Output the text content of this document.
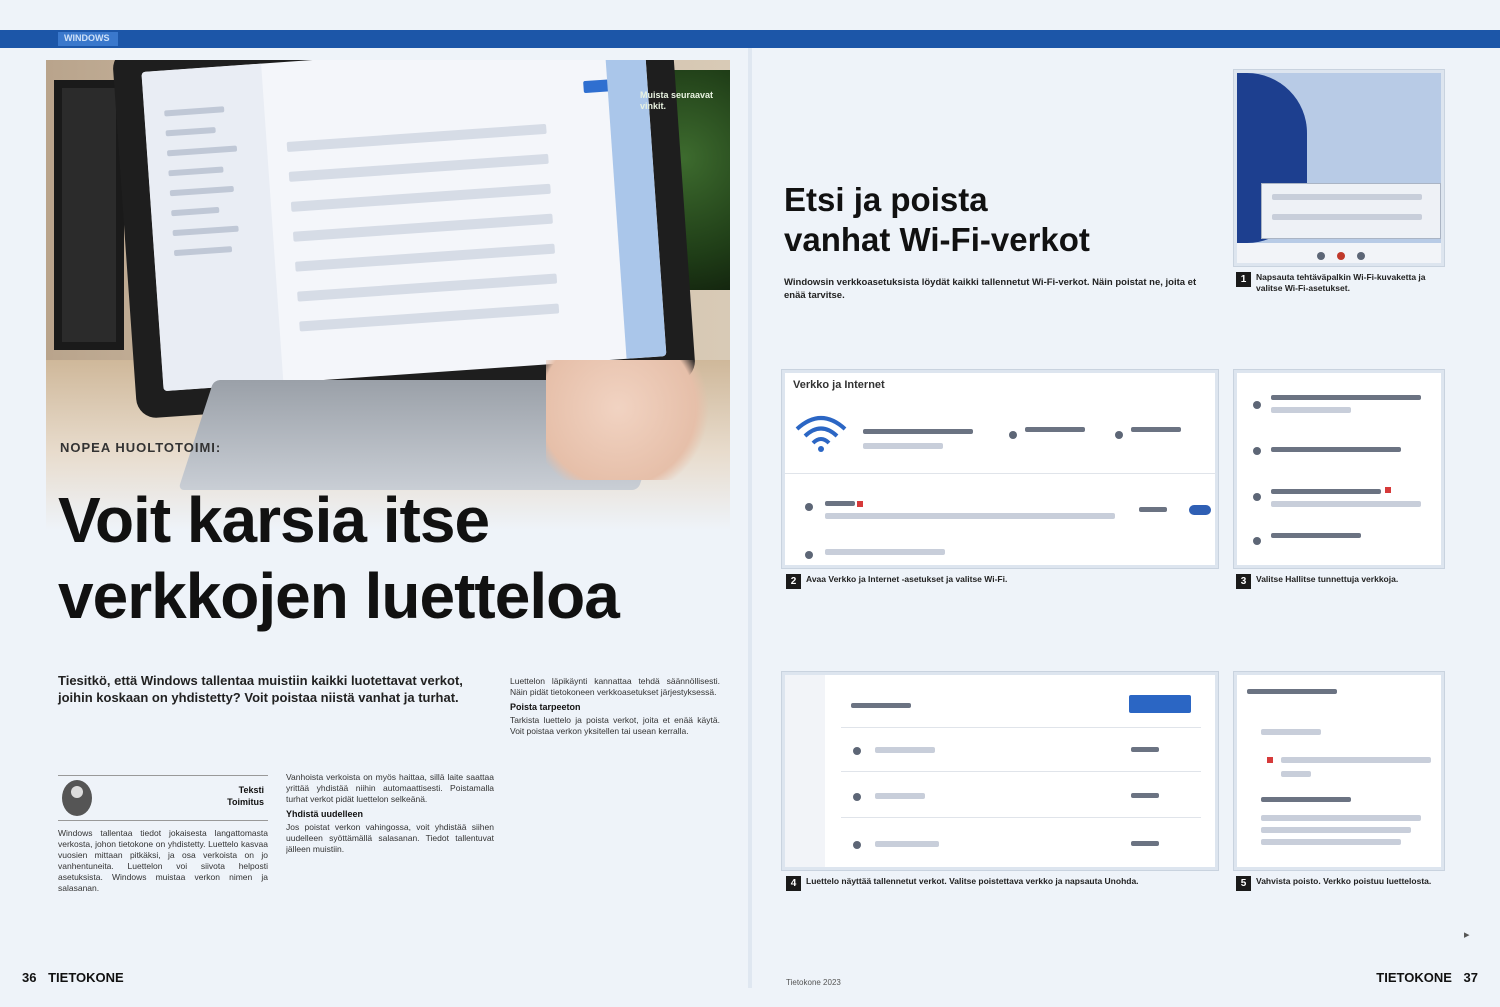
WINDOWS
Muista seuraavat vinkit.
NOPEA HUOLTOTOIMI:
Voit karsia itse
verkkojen luetteloa
Tiesitkö, että Windows tallentaa muistiin kaikki luotettavat verkot, joihin koskaan on yhdistetty? Voit poistaa niistä vanhat ja turhat.
Teksti
Toimitus

Windows tallentaa tiedot jokaisesta langattomasta verkosta, johon tietokone on yhdistetty. Luettelo kasvaa vuosien mittaan pitkäksi, ja osa verkoista on jo vanhentuneita. Luettelon voi siivota helposti asetuksista. Windows muistaa verkon nimen ja salasanan.

Vanhoista verkoista on myös haittaa, sillä laite saattaa yrittää yhdistää niihin automaattisesti. Poistamalla turhat verkot pidät luettelon selkeänä.

Yhdistä uudelleen

Jos poistat verkon vahingossa, voit yhdistää siihen uudelleen syöttämällä salasanan. Tiedot tallentuvat jälleen muistiin.

Luettelon läpikäynti kannattaa tehdä säännöllisesti. Näin pidät tietokoneen verkkoasetukset järjestyksessä.

Poista tarpeeton

Tarkista luettelo ja poista verkot, joita et enää käytä. Voit poistaa verkon yksitellen tai usean kerralla.

36 TIETOKONE
Etsi ja poista
vanhat Wi-Fi-verkot
Windowsin verkkoasetuksista löydät kaikki tallennetut Wi-Fi-verkot. Näin poistat ne, joita et enää tarvitse.
1	Napsauta tehtäväpalkin Wi-Fi-kuvaketta ja valitse Wi-Fi-asetukset.
Verkko ja Internet
2	Avaa Verkko ja Internet -asetukset ja valitse Wi-Fi.	3	Valitse Hallitse tunnettuja verkkoja.
4	Luettelo näyttää tallennetut verkot. Valitse poistettava verkko ja napsauta Unohda.	5	Vahvista poisto. Verkko poistuu luettelosta.
▸
Tietokone 2023	TIETOKONE 37
